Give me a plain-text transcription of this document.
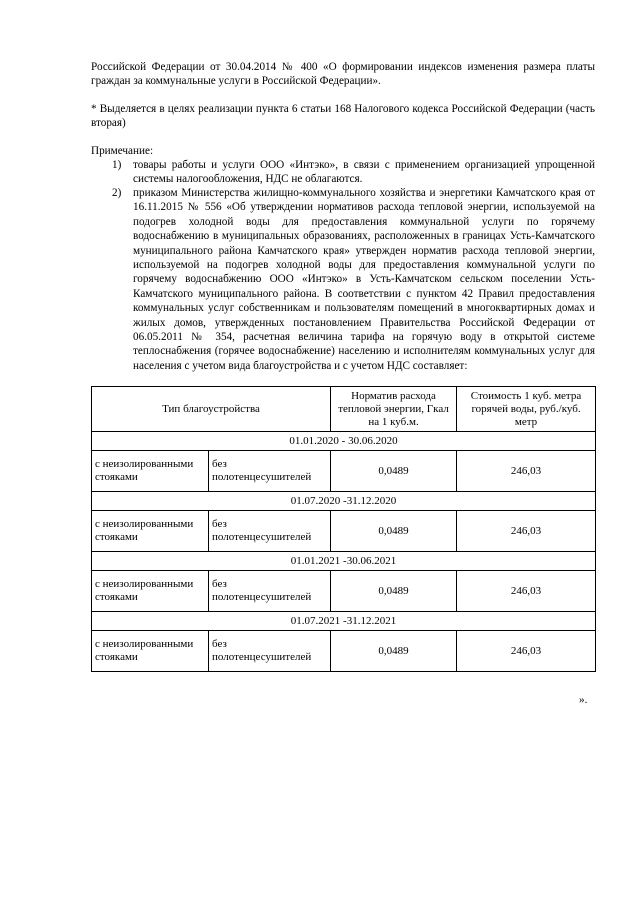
Российской Федерации от 30.04.2014 № 400 «О формировании индексов изменения размера платы граждан за коммунальные услуги в Российской Федерации».
* Выделяется в целях реализации пункта 6 статьи 168 Налогового кодекса Российской Федерации (часть вторая)
Примечание:
1) товары работы и услуги ООО «Интэко», в связи с применением организацией упрощенной системы налогообложения, НДС не облагаются.
2) приказом Министерства жилищно-коммунального хозяйства и энергетики Камчатского края от 16.11.2015 № 556 «Об утверждении нормативов расхода тепловой энергии, используемой на подогрев холодной воды для предоставления коммунальной услуги по горячему водоснабжению в муниципальных образованиях, расположенных в границах Усть-Камчатского муниципального района Камчатского края» утвержден норматив расхода тепловой энергии, используемой на подогрев холодной воды для предоставления коммунальной услуги по горячему водоснабжению ООО «Интэко» в Усть-Камчатском сельском поселении Усть-Камчатского муниципального района. В соответствии с пунктом 42 Правил предоставления коммунальных услуг собственникам и пользователям помещений в многоквартирных домах и жилых домов, утвержденных постановлением Правительства Российской Федерации от 06.05.2011 № 354, расчетная величина тарифа на горячую воду в открытой системе теплоснабжения (горячее водоснабжение) населению и исполнителям коммунальных услуг для населения с учетом вида благоустройства и с учетом НДС составляет:
Тип благоустройства		Норматив расхода тепловой энергии, Гкал на 1 куб.м.	Стоимость 1 куб. метра горячей воды, руб./куб. метр
01.01.2020 - 30.06.2020			
с неизолированными стояками	без полотенцесушителей	0,0489	246,03
01.07.2020 -31.12.2020			
с неизолированными стояками	без полотенцесушителей	0,0489	246,03
01.01.2021 -30.06.2021			
с неизолированными стояками	без полотенцесушителей	0,0489	246,03
01.07.2021 -31.12.2021			
с неизолированными стояками	без полотенцесушителей	0,0489	246,03
».
